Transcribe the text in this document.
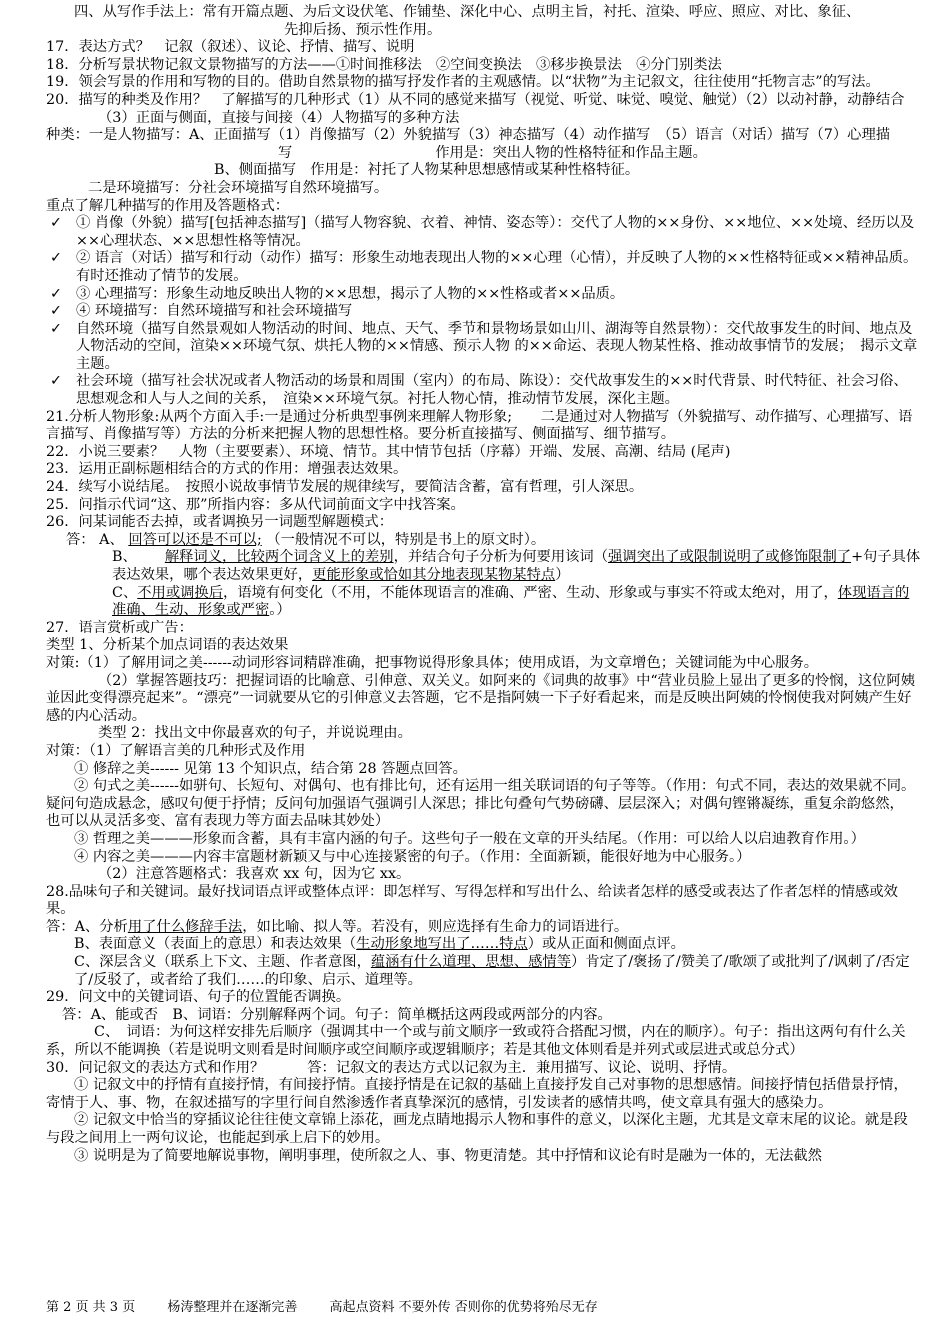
四、从写作手法上：常有开篇点题、为后文设伏笔、作铺垫、深化中心、点明主旨，衬托、渲染、呼应、照应、对比、象征、

先抑后扬、预示性作用。

17．表达方式？　记叙（叙述）、议论、抒情、描写、说明

18．分析写景状物记叙文景物描写的方法——①时间推移法　②空间变换法　③移步换景法　④分门别类法

19．领会写景的作用和写物的目的。借助自然景物的描写抒发作者的主观感情。以“状物”为主记叙文，往往使用“托物言志”的写法。

20．描写的种类及作用？　了解描写的几种形式（1）从不同的感觉来描写（视觉、听觉、味觉、嗅觉、触觉）（2）以动衬静，动静结合

（3）正面与侧面，直接与间接（4）人物描写的多种方法

种类：一是人物描写：A、正面描写（1）肖像描写（2）外貌描写（3）神态描写（4）动作描写　（5）语言（对话）描写（7）心理描

写　　　　　　　　　　作用是：突出人物的性格特征和作品主题。

B、侧面描写　作用是：衬托了人物某种思想感情或某种性格特征。

二是环境描写：分社会环境描写自然环境描写。

重点了解几种描写的作用及答题格式：

✓ ① 肖像（外貌）描写[包括神态描写]（描写人物容貌、衣着、神情、姿态等）：交代了人物的××身份、××地位、××处境、经历以及××心理状态、××思想性格等情况。

✓ ② 语言（对话）描写和行动（动作）描写：形象生动地表现出人物的××心理（心情），并反映了人物的××性格特征或××精神品质。有时还推动了情节的发展。

✓ ③ 心理描写：形象生动地反映出人物的××思想，揭示了人物的××性格或者××品质。

✓ ④ 环境描写：自然环境描写和社会环境描写

✓ 自然环境（描写自然景观如人物活动的时间、地点、天气、季节和景物场景如山川、湖海等自然景物）：交代故事发生的时间、地点及人物活动的空间，渲染××环境气氛、烘托人物的××情感、预示人物 的××命运、表现人物某性格、推动故事情节的发展；　揭示文章主题。

✓ 社会环境（描写社会状况或者人物活动的场景和周围（室内）的布局、陈设）：交代故事发生的××时代背景、时代特征、社会习俗、思想观念和人与人之间的关系，　渲染××环境气氛。衬托人物心情，推动情节发展，深化主题。

21.分析人物形象:从两个方面入手:一是通过分析典型事例来理解人物形象;　　二是通过对人物描写（外貌描写、动作描写、心理描写、语言描写、肖像描写等）方法的分析来把握人物的思想性格。要分析直接描写、侧面描写、细节描写。

22．小说三要素？　人物（主要要素）、环境、情节。其中情节包括（序幕）开端、发展、高潮、结局 (尾声)

23．运用正副标题相结合的方式的作用：增强表达效果。

24．续写小说结尾。　按照小说故事情节发展的规律续写，要简洁含蓄，富有哲理，引人深思。

25．问指示代词“这、那”所指内容：多从代词前面文字中找答案。

26．问某词能否去掉，或者调换另一词题型解题模式：

答： A、 回答可以还是不可以; （一般情况不可以，特别是书上的原文时）。

B、 解释词义，比较两个词含义上的差别，并结合句子分析为何要用该词（强调突出了或限制说明了或修饰限制了+句子具体表达效果，哪个表达效果更好，更能形象或恰如其分地表现某物某特点）

C、不用或调换后，语境有何变化（不用，不能体现语言的准确、严密、生动、形象或与事实不符或太绝对，用了，体现语言的准确、生动、形象或严密。）

27．语言赏析或广告：

类型 1、分析某个加点词语的表达效果

对策:（1）了解用词之美------动词形容词精辟准确，把事物说得形象具体；使用成语，为文章增色；关键词能为中心服务。

（2）掌握答题技巧：把握词语的比喻意、引伸意、双关义。如阿来的《词典的故事》中“营业员脸上显出了更多的怜悯，这位阿姨並因此变得漂亮起来”。“漂亮”一词就要从它的引伸意义去答题，它不是指阿姨一下子好看起来，而是反映出阿姨的怜悯使我对阿姨产生好感的内心活动。

类型 2：找出文中你最喜欢的句子，并说说理由。

对策：（1）了解语言美的几种形式及作用

① 修辞之美------ 见第 13 个知识点，结合第 28 答题点回答。

② 句式之美------如骈句、长短句、对偶句、也有排比句，还有运用一组关联词语的句子等等。（作用：句式不同，表达的效果就不同。 疑问句造成悬念，感叹句便于抒情；反问句加强语气强调引人深思；排比句叠句气势磅礴、层层深入；对偶句铿锵凝练，重复余韵悠然， 也可以从灵活多变、富有表现力等方面去品味其妙处）

③ 哲理之美———形象而含蓄，具有丰富内涵的句子。这些句子一般在文章的开头结尾。（作用：可以给人以启迪教育作用。）

④ 内容之美———内容丰富题材新颖又与中心连接紧密的句子。（作用：全面新颖，能很好地为中心服务。）

（2）注意答题格式：我喜欢 xx 句，因为它 xx。

28.品味句子和关键词。最好找词语点评或整体点评：即怎样写、写得怎样和写出什么、给读者怎样的感受或表达了作者怎样的情感或效果。

答：A、分析用了什么修辞手法，如比喻、拟人等。若没有，则应选择有生命力的词语进行。

B、表面意义（表面上的意思）和表达效果（生动形象地写出了……特点）或从正面和侧面点评。

C、深层含义（联系上下文、主题、作者意图，蕴涵有什么道理、思想、感情等）肯定了/褒扬了/赞美了/歌颂了或批判了/讽刺了/否定了/反驳了，或者给了我们……的印象、启示、道理等。

29．问文中的关键词语、句子的位置能否调换。

答：A、能或否　B、词语：分别解释两个词。句子：简单概括这两段或两部分的内容。

C、　词语：为何这样安排先后顺序（强调其中一个或与前文顺序一致或符合搭配习惯，内在的顺序）。句子：指出这两句有什么关系，所以不能调换（若是说明文则看是时间顺序或空间顺序或逻辑顺序；若是其他文体则看是并列式或层进式或总分式）

30．问记叙文的表达方式和作用？　　　答：记叙文的表达方式以记叙为主．兼用描写、议论、说明、抒情。

① 记叙文中的抒情有直接抒情，有间接抒情。直接抒情是在记叙的基础上直接抒发自己对事物的思想感情。间接抒情包括借景抒情，寄情于人、事、物，在叙述描写的字里行间自然渗透作者真挚深沉的感情，引发读者的感情共鸣，使文章具有强大的感染力。

② 记叙文中恰当的穿插议论往往使文章锦上添花，画龙点睛地揭示人物和事件的意义，以深化主题，尤其是文章末尾的议论。就是段与段之间用上一两句议论，也能起到承上启下的妙用。

③ 说明是为了简要地解说事物，阐明事理，使所叙之人、事、物更清楚。其中抒情和议论有时是融为一体的，无法截然

第 2 页 共 3 页 杨涛整理并在逐渐完善 高起点资料 不要外传 否则你的优势将殆尽无存
